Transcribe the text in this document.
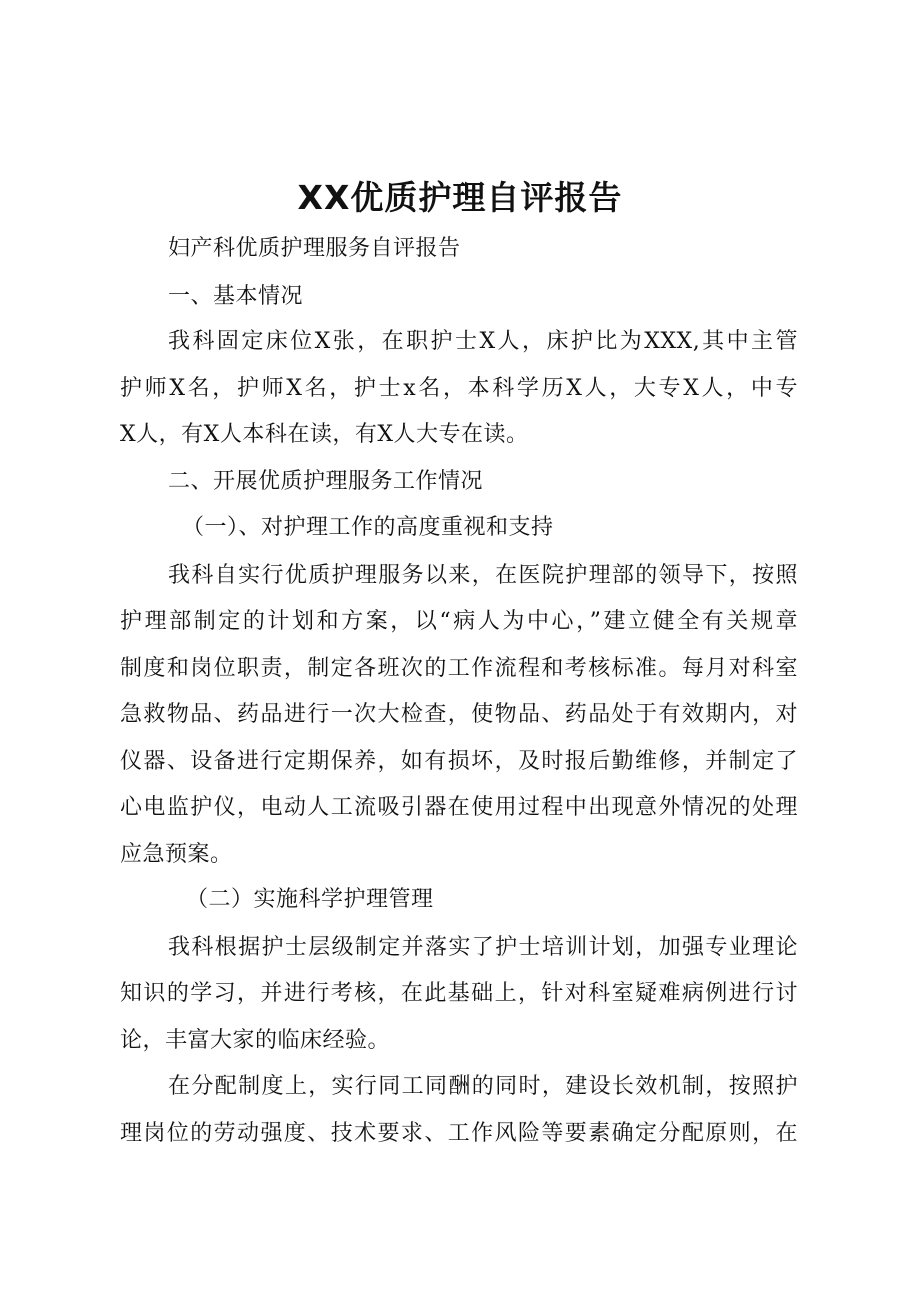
XX优质护理自评报告

妇产科优质护理服务自评报告

一、基本情况

我科固定床位X张，在职护士X人，床护比为XXX,其中主管

护师X名，护师X名，护士x名，本科学历X人，大专X人，中专

X人，有X人本科在读，有X人大专在读。

二、开展优质护理服务工作情况

（一）、对护理工作的高度重视和支持

我科自实行优质护理服务以来，在医院护理部的领导下，按照

护理部制定的计划和方案，以“病人为中心，”建立健全有关规章

制度和岗位职责，制定各班次的工作流程和考核标准。每月对科室

急救物品、药品进行一次大检查，使物品、药品处于有效期内，对

仪器、设备进行定期保养，如有损坏，及时报后勤维修，并制定了

心电监护仪，电动人工流吸引器在使用过程中出现意外情况的处理

应急预案。

（二）实施科学护理管理

我科根据护士层级制定并落实了护士培训计划，加强专业理论

知识的学习，并进行考核，在此基础上，针对科室疑难病例进行讨

论，丰富大家的临床经验。

在分配制度上，实行同工同酬的同时，建设长效机制，按照护

理岗位的劳动强度、技术要求、工作风险等要素确定分配原则，在
